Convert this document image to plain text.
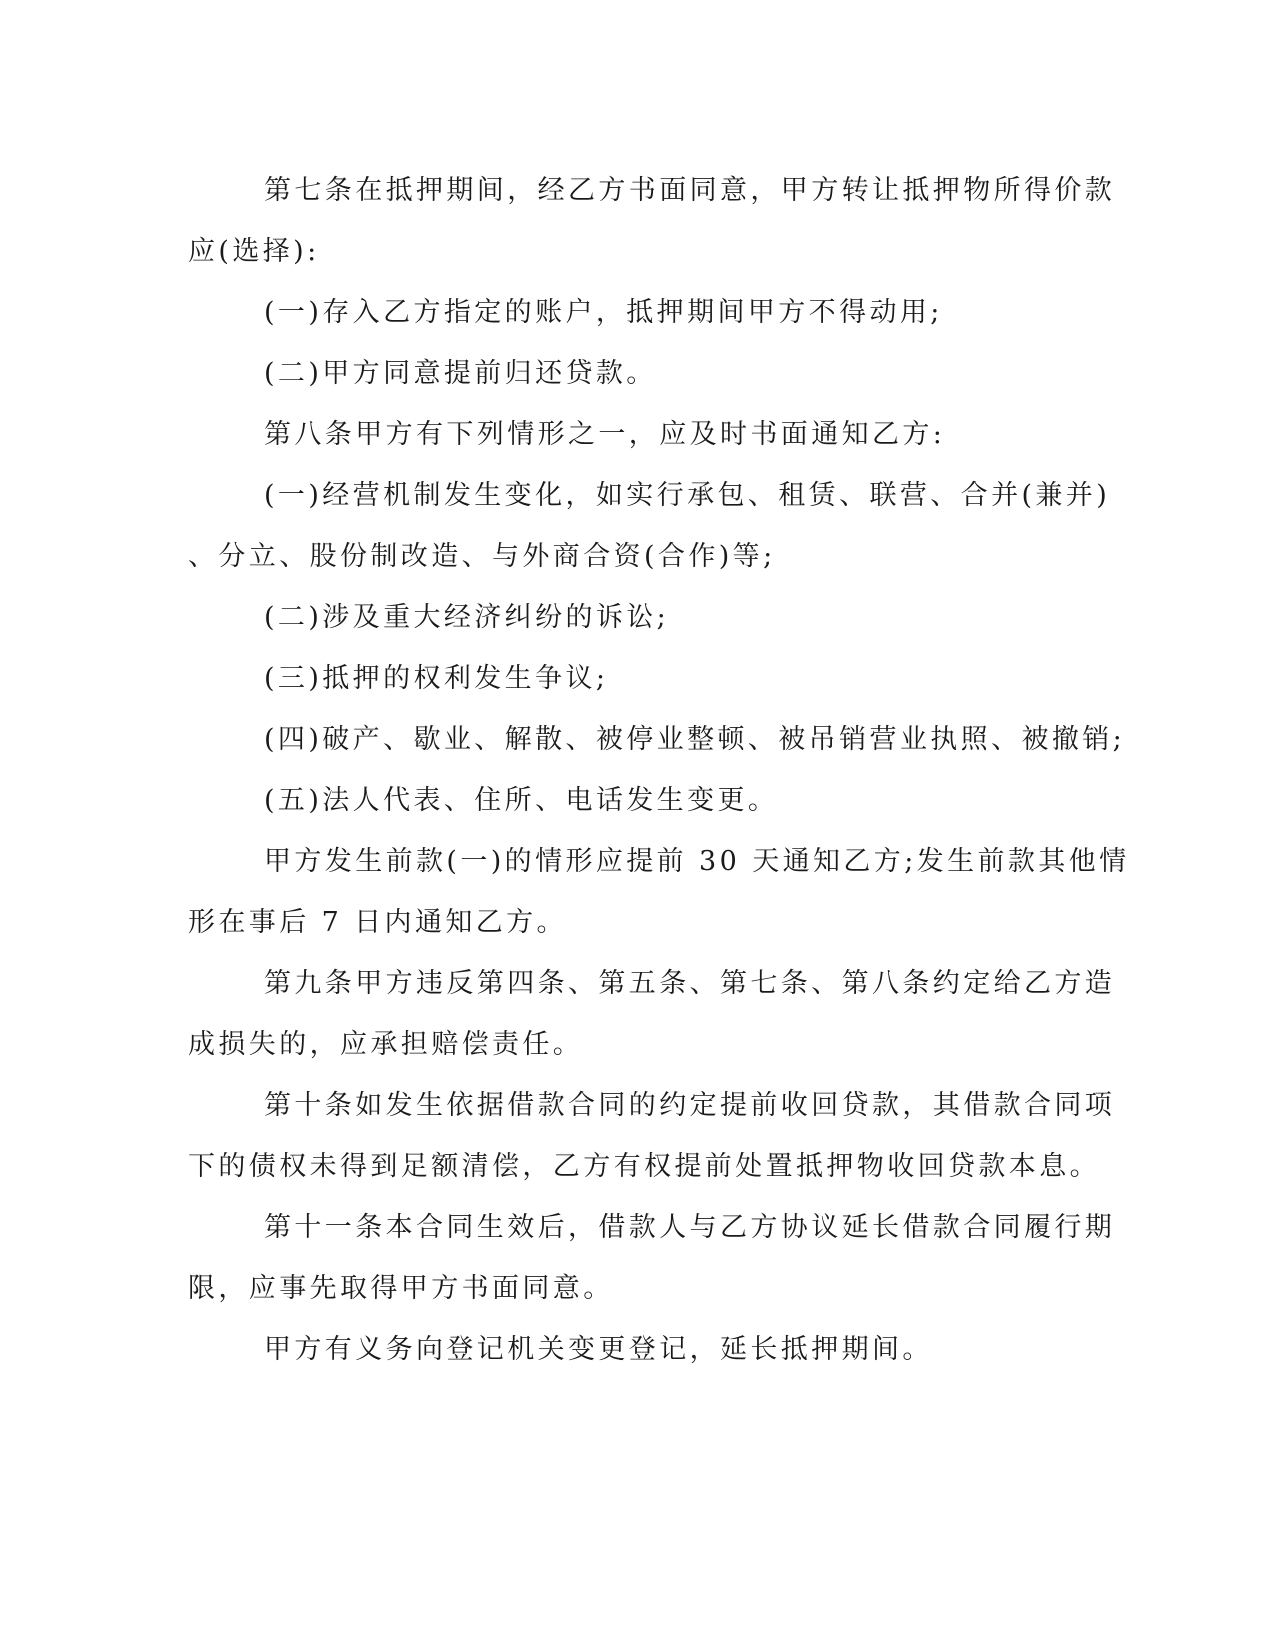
第七条在抵押期间，经乙方书面同意，甲方转让抵押物所得价款
应(选择):
(一)存入乙方指定的账户，抵押期间甲方不得动用;
(二)甲方同意提前归还贷款。
第八条甲方有下列情形之一，应及时书面通知乙方:
(一)经营机制发生变化，如实行承包、租赁、联营、合并(兼并)
、分立、股份制改造、与外商合资(合作)等;
(二)涉及重大经济纠纷的诉讼;
(三)抵押的权利发生争议;
(四)破产、歇业、解散、被停业整顿、被吊销营业执照、被撤销;
(五)法人代表、住所、电话发生变更。
甲方发生前款(一)的情形应提前 30 天通知乙方;发生前款其他情
形在事后 7 日内通知乙方。
第九条甲方违反第四条、第五条、第七条、第八条约定给乙方造
成损失的，应承担赔偿责任。
第十条如发生依据借款合同的约定提前收回贷款，其借款合同项
下的债权未得到足额清偿，乙方有权提前处置抵押物收回贷款本息。
第十一条本合同生效后，借款人与乙方协议延长借款合同履行期
限，应事先取得甲方书面同意。
甲方有义务向登记机关变更登记，延长抵押期间。
